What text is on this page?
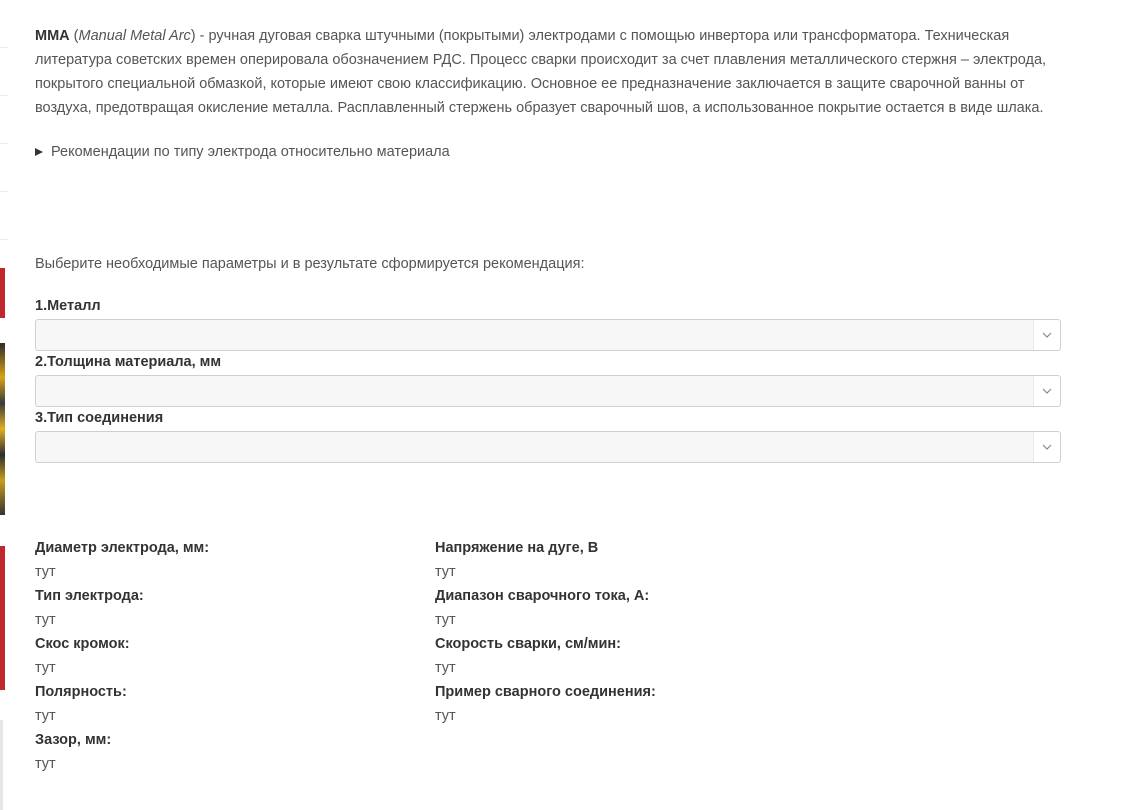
MMA (Manual Metal Arc) - ручная дуговая сварка штучными (покрытыми) электродами с помощью инвертора или трансформатора. Техническая литература советских времен оперировала обозначением РДС. Процесс сварки происходит за счет плавления металлического стержня – электрода, покрытого специальной обмазкой, которые имеют свою классификацию. Основное ее предназначение заключается в защите сварочной ванны от воздуха, предотвращая окисление металла. Расплавленный стержень образует сварочный шов, а использованное покрытие остается в виде шлака.

Рекомендации по типу электрода относительно материала
Выберите необходимые параметры и в результате сформируется рекомендация:
1.Металл
2.Толщина материала, мм
3.Тип соединения
Диаметр электрода, мм:
тут
Тип электрода:
тут
Скос кромок:
тут
Полярность:
тут
Зазор, мм:
тут
Напряжение на дуге, В
тут
Диапазон сварочного тока, А:
тут
Скорость сварки, см/мин:
тут
Пример сварного соединения:
тут
